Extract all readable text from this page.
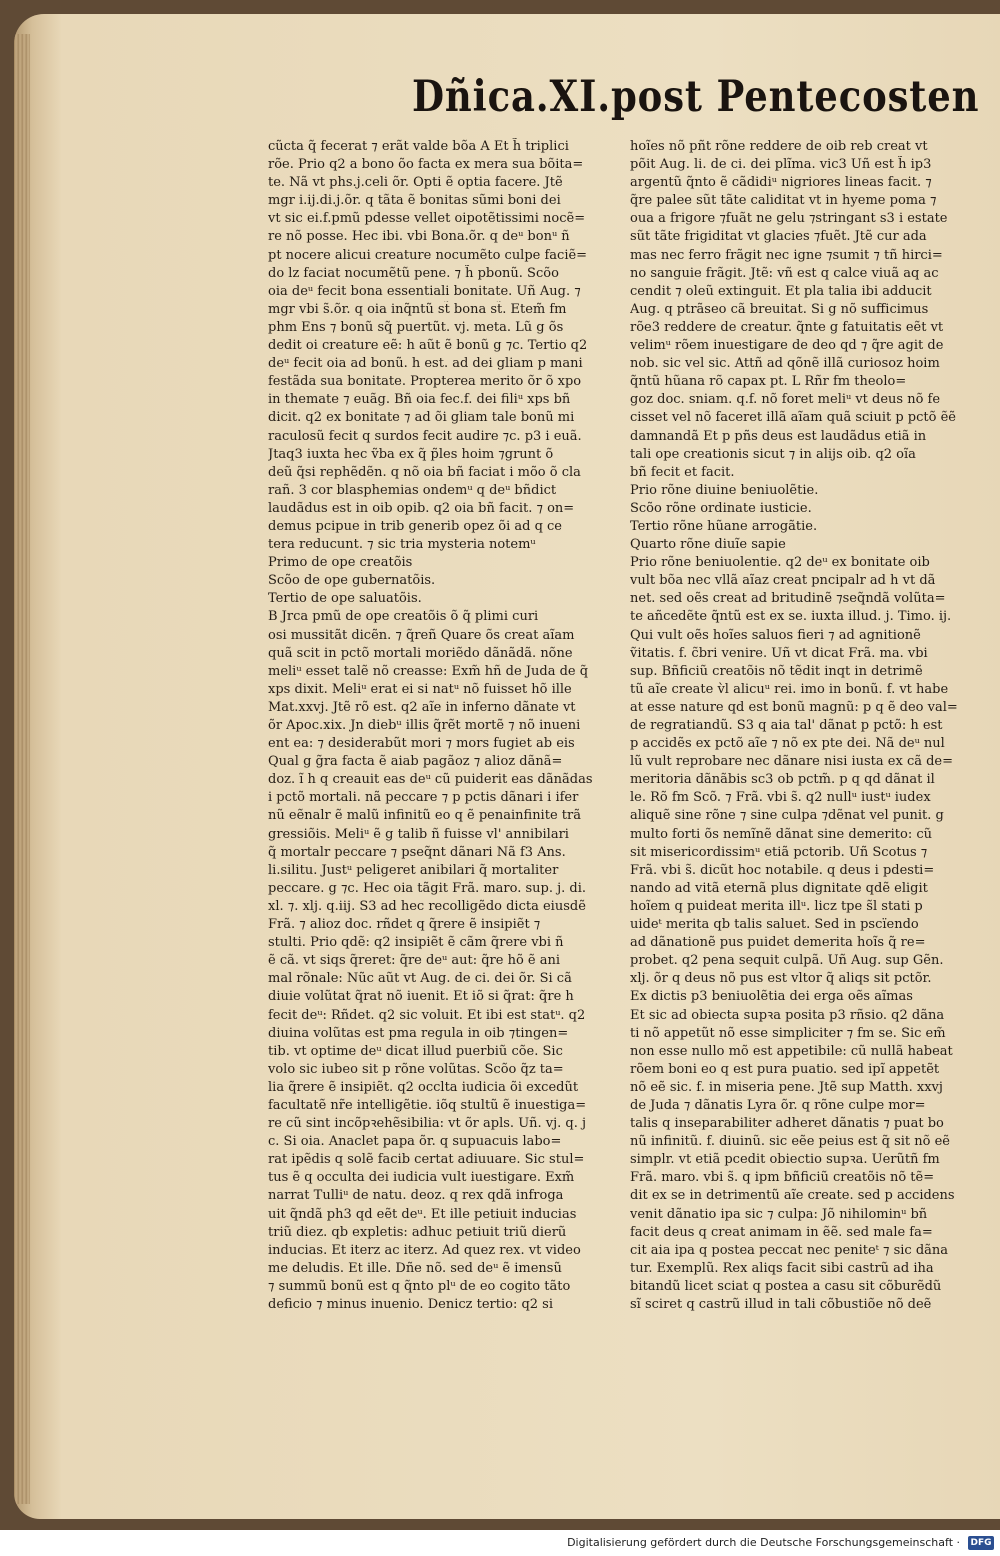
Dñica.XI.post Pentecosten
cũcta q̃ fecerat ⁊ erãt valde bõa A Et h̃ triplici
rõe. Prio q2 a bono õo facta ex mera sua bõita=
te. Nã vt phs.j.celi õr. Opti ẽ optia facere. Jtẽ
mgr i.ij.di.j.õr. q tãta ẽ bonitas sũmi boni dei
vt sic ei.f.pmũ pdesse vellet oipotẽtissimi nocẽ=
re nõ posse. Hec ibi. vbi Bona.õr. q deᵘ bonᵘ ñ
pt nocere alicui creature nocumẽto culpe faciẽ=
do lz faciat nocumẽtũ pene. ⁊ h̃ pbonũ. Scõo
oia deᵘ fecit bona essentiali bonitate. Uñ Aug. ⁊
mgr vbi s̃.õr. q oia inq̃ntũ st̃ bona st̃. Etem̃ fm
phm Ens ⁊ bonũ sq̃ puertũt. vj. meta. Lũ g õs
dedit oi creature eẽ: h aũt ẽ bonũ g ⁊c. Tertio q2
deᵘ fecit oia ad bonũ. h est. ad dei gliam p mani
festãda sua bonitate. Propterea merito õr õ xpo
in themate ⁊ euãg. Bñ oia fec.f. dei filiᵘ xps bñ
dicit. q2 ex bonitate ⁊ ad õi gliam tale bonũ mi
raculosũ fecit q surdos fecit audire ⁊c. p3 i euã.
Jtaq3 iuxta hec ṽba ex q̃ p̃les hoim ⁊grunt õ
deũ q̃si rephẽdẽn. q nõ oia bñ faciat i mõo õ cla
rañ. 3 cor blasphemias ondemᵘ q deᵘ bñdict
laudãdus est in oib opib. q2 oia bñ facit. ⁊ on=
demus pcipue in trib generib opez õi ad q ce
tera reducunt. ⁊ sic tria mysteria notemᵘ
Primo de ope creatõis
Scõo de ope gubernatõis.
Tertio de ope saluatõis.
B Jrca pmũ de ope creatõis õ q̃ plimi curi
osi mussitãt dicẽn. ⁊ q̃reñ Quare õs creat aĩam
quã scit in pctõ mortali moriẽdo dãnãdã. nõne
meliᵘ esset talẽ nõ creasse: Exm̃ hñ de Juda de q̃
xps dixit. Meliᵘ erat ei si natᵘ nõ fuisset hõ ille
Mat.xxvj. Jtẽ rõ est. q2 aĩe in inferno dãnate vt
õr Apoc.xix. Jn diebᵘ illis q̃rẽt mortẽ ⁊ nõ inueni
ent ea: ⁊ desiderabũt mori ⁊ mors fugiet ab eis
Qual g g̃ra facta ẽ aiab pagãoz ⁊ alioz dãnã=
doz. ĩ h q creauit eas deᵘ cũ puiderit eas dãnãdas
i pctõ mortali. nã peccare ⁊ p pctis dãnari i ifer
nũ eẽnalr ẽ malũ infinitũ eo q ẽ penainfinite trã
gressiõis. Meliᵘ ẽ g talib ñ fuisse vl' annibilari
q̃ mortalr peccare ⁊ pseq̃nt dãnari Nã f3 Ans.
li.silitu. Justᵘ peligeret anibilari q̃ mortaliter
peccare. g ⁊c. Hec oia tãgit Frã. maro. sup. j. di.
xl. ⁊. xlj. q.iij. S3 ad hec recolligẽdo dicta eiusdẽ
Frã. ⁊ alioz doc. rñdet q q̃rere ẽ insipiẽt ⁊
stulti. Prio qdẽ: q2 insipiẽt ẽ cãm q̃rere vbi ñ
ẽ cã. vt siqs q̃reret: q̃re deᵘ aut: q̃re hõ ẽ ani
mal rõnale: Nũc aũt vt Aug. de ci. dei õr. Si cã
diuie volũtat q̃rat nõ iuenit. Et iõ si q̃rat: q̃re h
fecit deᵘ: Rñdet. q2 sic voluit. Et ibi est statᵘ. q2
diuina volũtas est pma regula in oib ⁊tingen=
tib. vt optime deᵘ dicat illud puerbiũ cõe. Sic
volo sic iubeo sit p rõne volũtas. Scõo q̃z ta=
lia q̃rere ẽ insipiẽt. q2 occlta iudicia õi excedũt
facultatẽ nr̃e intelligẽtie. iõq stultũ ẽ inuestiga=
re cũ sint incõpꝛehẽsibilia: vt õr apls. Uñ. vj. q. j
c. Si oia. Anaclet papa õr. q supuacuis labo=
rat ipẽdis q solẽ facib certat adiuuare. Sic stul=
tus ẽ q occulta dei iudicia vult iuestigare. Exm̃
narrat Tulliᵘ de natu. deoz. q rex qdã infroga
uit q̃ndã ph3 qd eẽt deᵘ. Et ille petiuit inducias
triũ diez. qb expletis: adhuc petiuit triũ dierũ
inducias. Et iterz ac iterz. Ad quez rex. vt video
me deludis. Et ille. Dñe nõ. sed deᵘ ẽ imensũ
⁊ summũ bonũ est q q̃nto plᵘ de eo cogito tãto
deficio ⁊ minus inuenio. Denicz tertio: q2 si
hoĩes nõ pñt rõne reddere de oib reb creat vt
põit Aug. li. de ci. dei plĩma. vic3 Uñ est h̃ ip3
argentũ q̃nto ẽ cãdidiᵘ nigriores lineas facit. ⁊
q̃re palee sũt tãte caliditat vt in hyeme poma ⁊
oua a frigore ⁊fuãt ne gelu ⁊stringant s3 i estate
sũt tãte frigiditat vt glacies ⁊fuẽt. Jtẽ cur ada
mas nec ferro frãgit nec igne ⁊sumit ⁊ tñ hirci=
no sanguie frãgit. Jtẽ: vñ est q calce viuã aq ac
cendit ⁊ oleũ extinguit. Et pla talia ibi adducit
Aug. q ptrãseo cã breuitat. Si g nõ sufficimus
rõe3 reddere de creatur. q̃nte g fatuitatis eẽt vt
velimᵘ rõem inuestigare de deo qd ⁊ q̃re agit de
nob. sic vel sic. Attñ ad qõnẽ illã curiosoz hoim
q̃ntũ hũana rõ capax pt. L Rñr fm theolo=
goz doc. sniam. q.f. nõ foret meliᵘ vt deus nõ fe
cisset vel nõ faceret illã aĩam quã sciuit p pctõ ẽẽ
damnandã Et p pñs deus est laudãdus etiã in
tali ope creationis sicut ⁊ in alijs oib. q2 oĩa
bñ fecit et facit.
Prio rõne diuine beniuolẽtie.
Scõo rõne ordinate iusticie.
Tertio rõne hũane arrogãtie.
Quarto rõne diuĩe sapie
Prio rõne beniuolentie. q2 deᵘ ex bonitate oib
vult bõa nec vllã aĩaz creat pncipalr ad h vt dã
net. sed oẽs creat ad britudinẽ ⁊seq̃ndã volũta=
te añcedẽte q̃ntũ est ex se. iuxta illud. j. Timo. ij.
Qui vult oẽs hoĩes saluos fieri ⁊ ad agnitionẽ
ṽitatis. f. c̃bri venire. Uñ vt dicat Frã. ma. vbi
sup. Bñficiũ creatõis nõ tẽdit inqt in detrimẽ
tũ aĩe create v̀l alicuᵘ rei. imo in bonũ. f. vt habe
at esse nature qd est bonũ magnũ: p q ẽ deo val=
de regratiandũ. S3 q aia tal' dãnat p pctõ: h est
p accidẽs ex pctõ aĩe ⁊ nõ ex pte dei. Nã deᵘ nul
lũ vult reprobare nec dãnare nisi iusta ex cã de=
meritoria dãnãbis sc3 ob pctm̃. p q qd dãnat il
le. Rõ fm Scõ. ⁊ Frã. vbi s̃. q2 nullᵘ iustᵘ iudex
aliquẽ sine rõne ⁊ sine culpa ⁊dẽnat vel punit. g
multo forti õs nemĩnẽ dãnat sine demerito: cũ
sit misericordissimᵘ etiã pctorib. Uñ Scotus ⁊
Frã. vbi s̃. dicũt hoc notabile. q deus i pdesti=
nando ad vitã eternã plus dignitate qdẽ eligit
hoĩem q puideat merita illᵘ. licz tpe s̃l stati p
uideᵗ merita qb talis saluet. Sed in pscïendo
ad dãnationẽ pus puidet demerita hoĩs q̃ re=
probet. q2 pena sequit culpã. Uñ Aug. sup Gẽn.
xlj. õr q deus nõ pus est vltor q̃ aliqs sit pctõr.
Ex dictis p3 beniuolẽtia dei erga oẽs aĩmas
Et sic ad obiecta supꝛa posita p3 rñsio. q2 dãna
ti nõ appetũt nõ esse simpliciter ⁊ fm se. Sic em̃
non esse nullo mõ est appetibile: cũ nullã habeat
rõem boni eo q est pura puatio. sed ipĩ appetẽt
nõ eẽ sic. f. in miseria pene. Jtẽ sup Matth. xxvj
de Juda ⁊ dãnatis Lyra õr. q rõne culpe mor=
talis q inseparabiliter adheret dãnatis ⁊ puat bo
nũ infinitũ. f. diuinũ. sic eẽe peius est q̃ sit nõ eẽ
simplr. vt etiã pcedit obiectio supꝛa. Uerũtñ fm
Frã. maro. vbi s̃. q ipm bñficiũ creatõis nõ tẽ=
dit ex se in detrimentũ aĩe create. sed p accidens
venit dãnatio ipa sic ⁊ culpa: Jõ nihilominᵘ bñ
facit deus q creat animam in ẽẽ. sed male fa=
cit aia ipa q postea peccat nec peniteᵗ ⁊ sic dãna
tur. Exemplũ. Rex aliqs facit sibi castrũ ad iha
bitandũ licet sciat q postea a casu sit cõburẽdũ
sĩ sciret q castrũ illud in tali cõbustiõe nõ deẽ
Digitalisierung gefördert durch die Deutsche Forschungsgemeinschaft · DFG
